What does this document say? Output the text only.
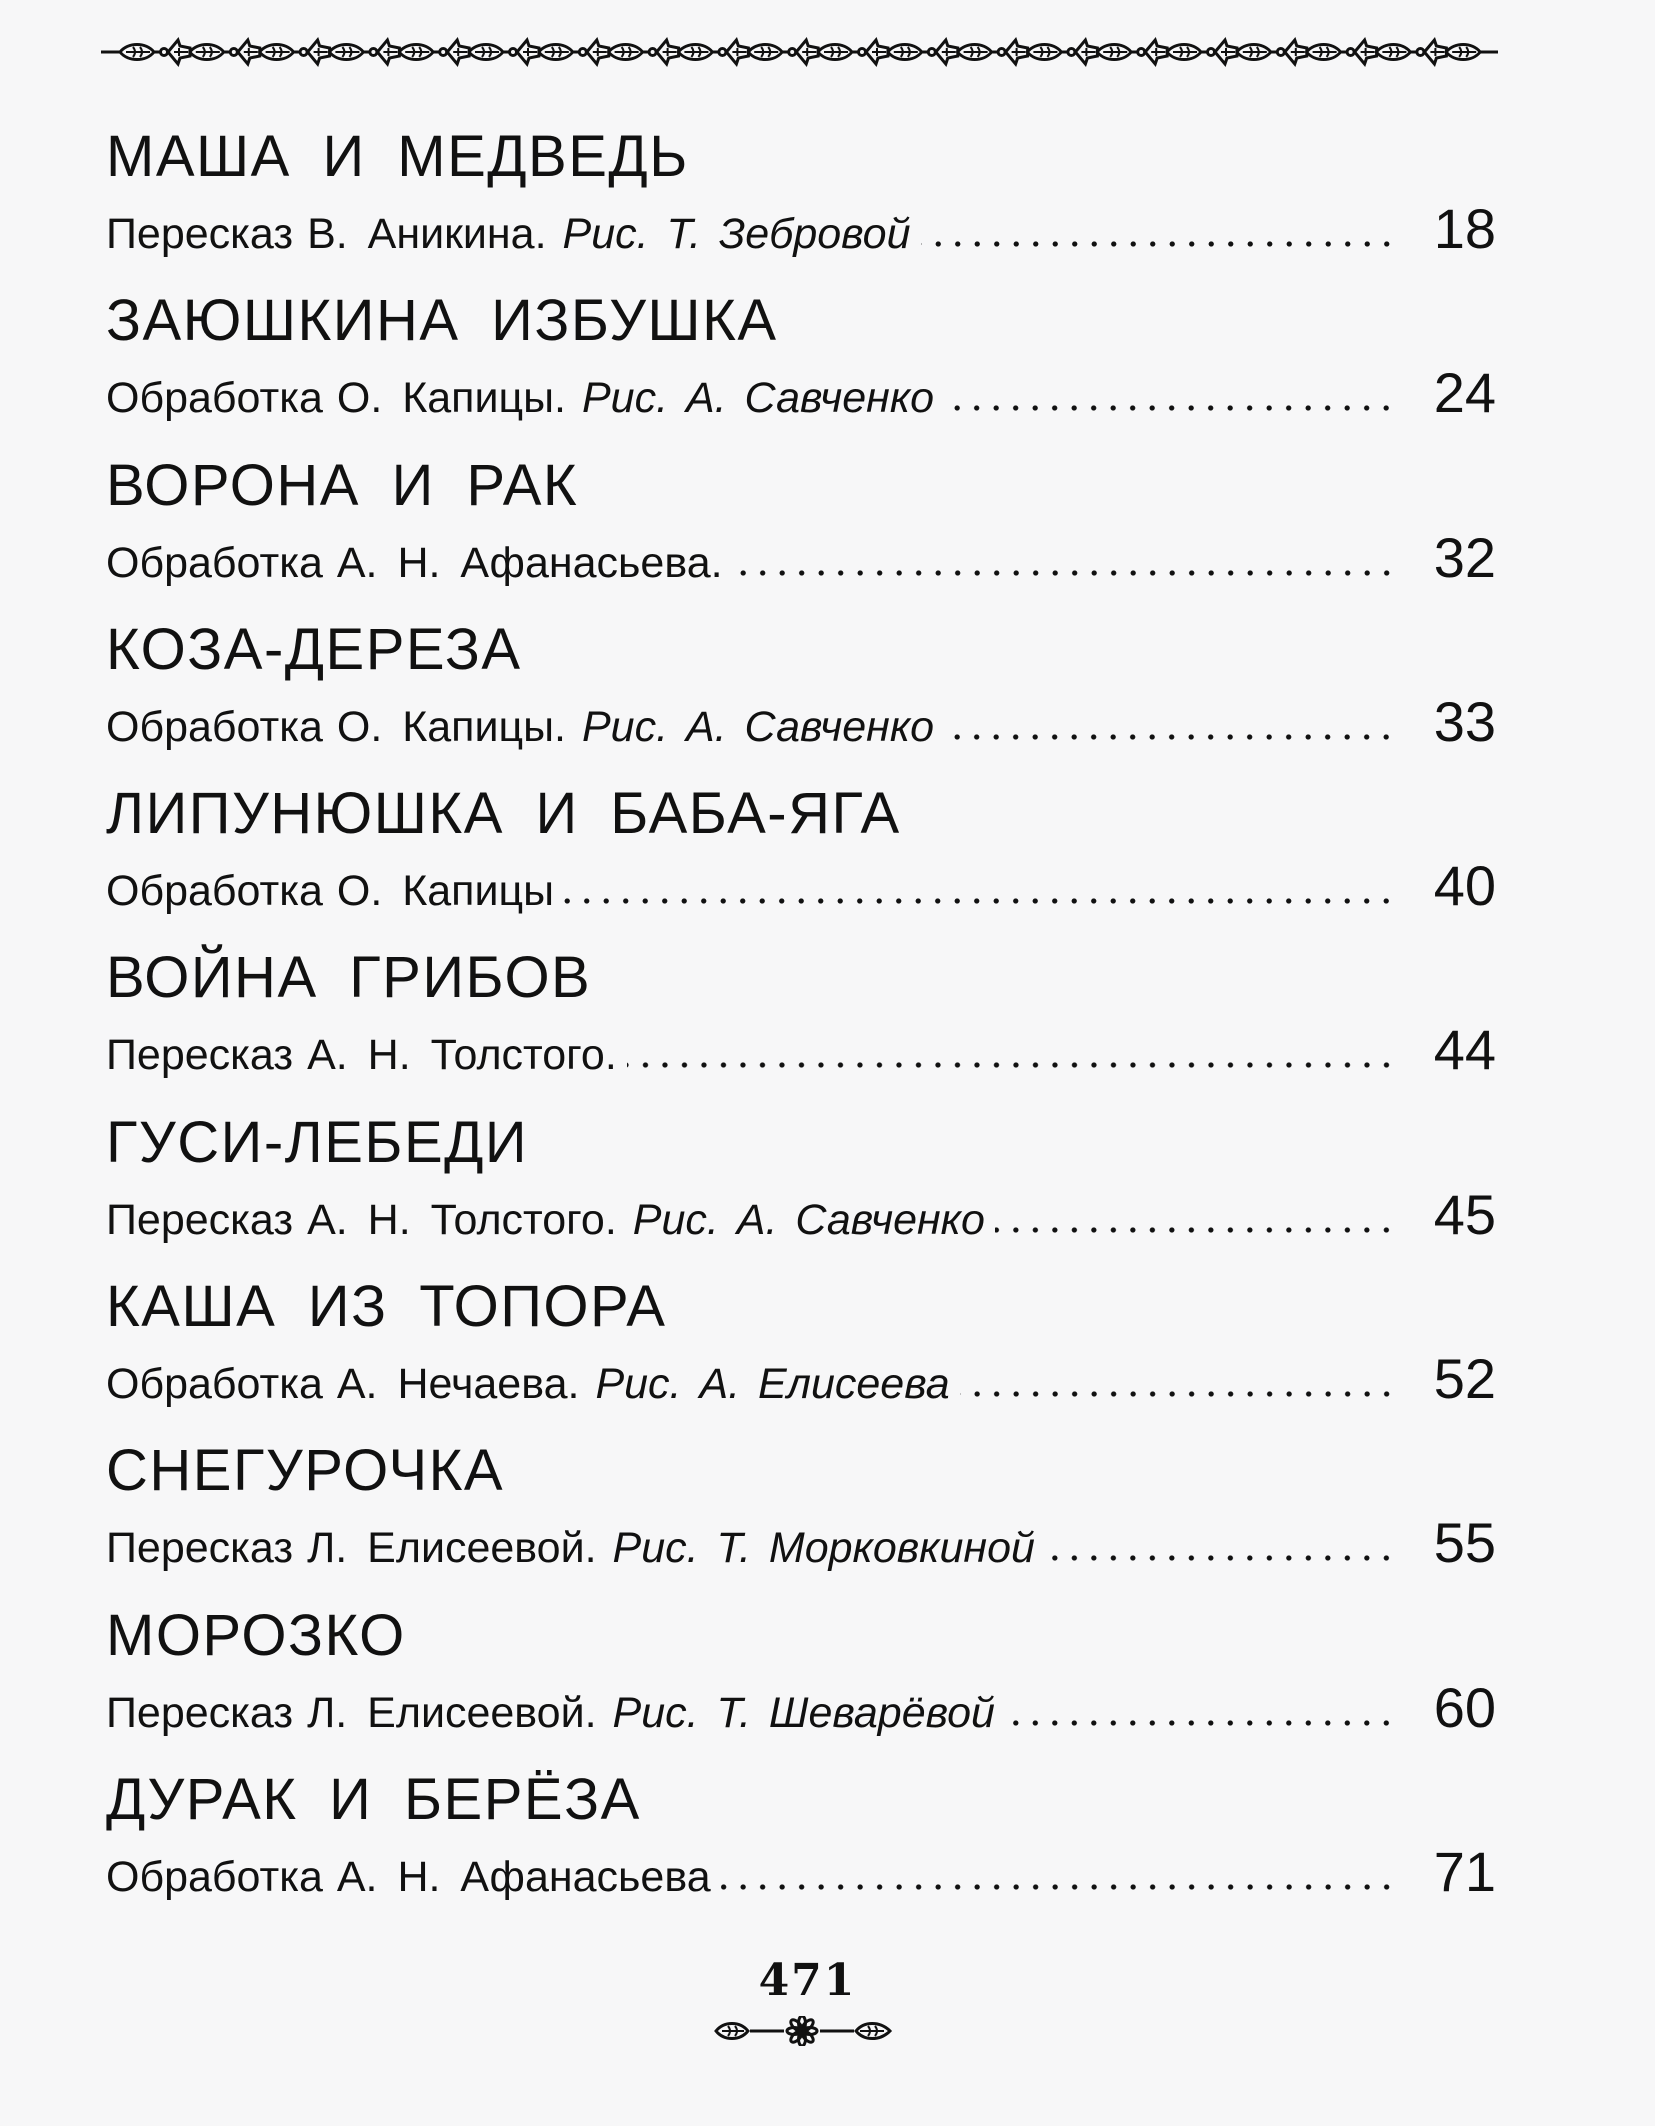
МАША И МЕДВЕДЬ
Пересказ В. Аникина. Рис. Т. Зебровой	18
ЗАЮШКИНА ИЗБУШКА
Обработка О. Капицы. Рис. А. Савченко	24
ВОРОНА И РАК
Обработка А. Н. Афанасьева.	32
КОЗА-ДЕРЕЗА
Обработка О. Капицы. Рис. А. Савченко	33
ЛИПУНЮШКА И БАБА-ЯГА
Обработка О. Капицы	40
ВОЙНА ГРИБОВ
Пересказ А. Н. Толстого.	44
ГУСИ-ЛЕБЕДИ
Пересказ А. Н. Толстого. Рис. А. Савченко	45
КАША ИЗ ТОПОРА
Обработка А. Нечаева. Рис. А. Елисеева	52
СНЕГУРОЧКА
Пересказ Л. Елисеевой. Рис. Т. Морковкиной	55
МОРОЗКО
Пересказ Л. Елисеевой. Рис. Т. Шеварёвой	60
ДУРАК И БЕРЁЗА
Обработка А. Н. Афанасьева	71
471
